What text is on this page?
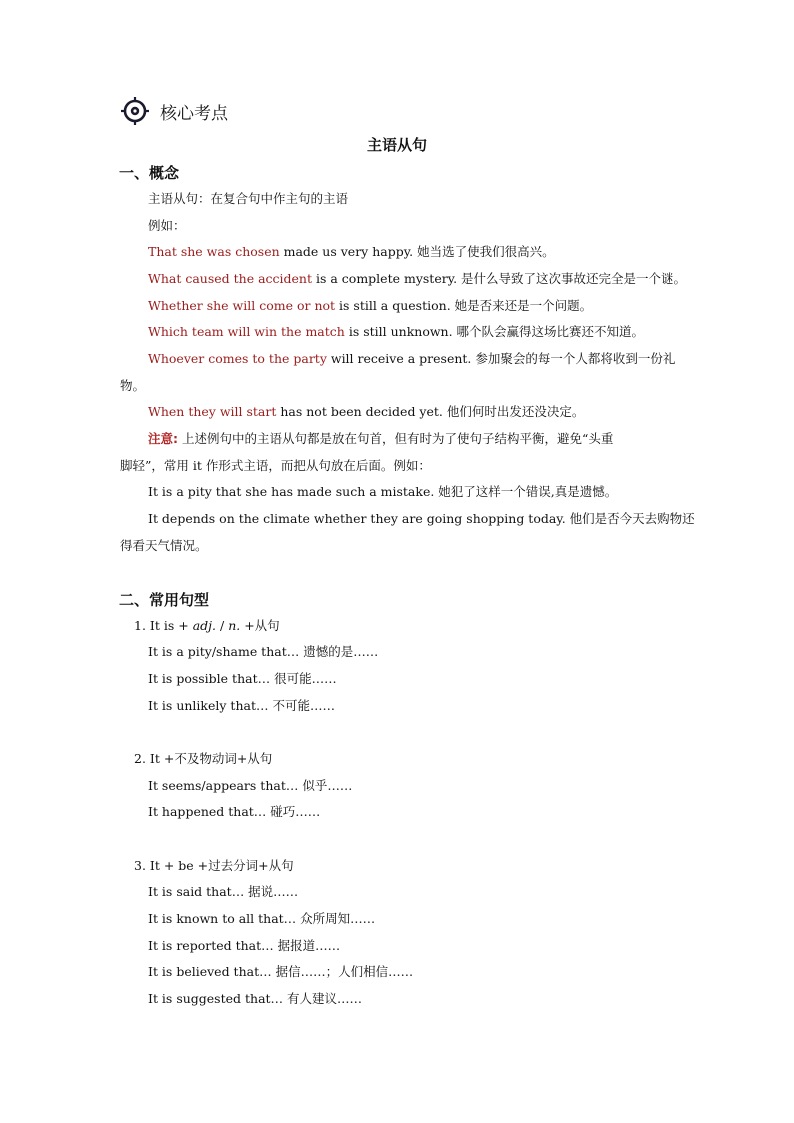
核心考点
主语从句
一、概念
主语从句：在复合句中作主句的主语
例如：
That she was chosen made us very happy. 她当选了使我们很高兴。
What caused the accident is a complete mystery. 是什么导致了这次事故还完全是一个谜。
Whether she will come or not is still a question. 她是否来还是一个问题。
Which team will win the match is still unknown. 哪个队会赢得这场比赛还不知道。
Whoever comes to the party will receive a present. 参加聚会的每一个人都将收到一份礼
物。
When they will start has not been decided yet. 他们何时出发还没决定。
注意: 上述例句中的主语从句都是放在句首，但有时为了使句子结构平衡，避免“头重
脚轻”，常用 it 作形式主语，而把从句放在后面。例如：
It is a pity that she has made such a mistake. 她犯了这样一个错误,真是遗憾。
It depends on the climate whether they are going shopping today. 他们是否今天去购物还
得看天气情况。
二、常用句型
1. It is + adj. / n. +从句
It is a pity/shame that… 遗憾的是……
It is possible that… 很可能……
It is unlikely that… 不可能……
2. It +不及物动词+从句
It seems/appears that… 似乎……
It happened that… 碰巧……
3. It + be +过去分词+从句
It is said that… 据说……
It is known to all that… 众所周知……
It is reported that… 据报道……
It is believed that… 据信……；人们相信……
It is suggested that… 有人建议……
